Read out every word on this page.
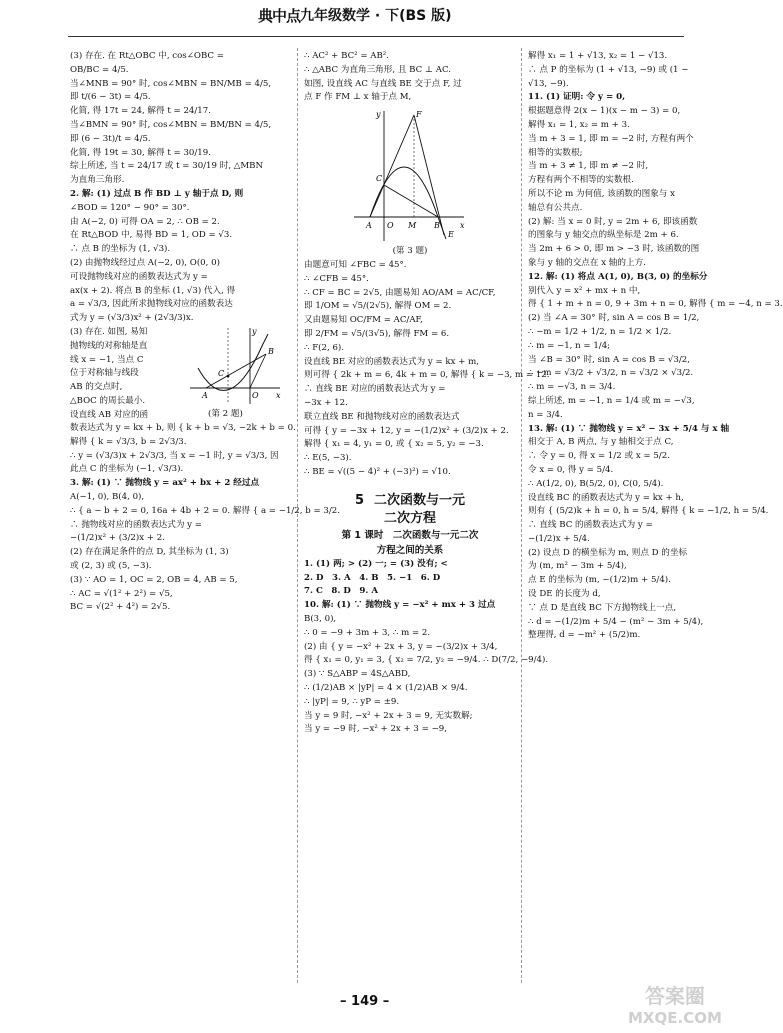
典中点 九年级数学 · 下(BS 版)

(3) 存在. 在 Rt△OBC 中, cos∠OBC =

OB/BC = 4/5.

当∠MNB = 90° 时, cos∠MBN = BN/MB = 4/5,

即 t/(6 − 3t) = 4/5.

化简, 得 17t = 24, 解得 t = 24/17.

当∠BMN = 90° 时, cos∠MBN = BM/BN = 4/5,

即 (6 − 3t)/t = 4/5.

化简, 得 19t = 30, 解得 t = 30/19.

综上所述, 当 t = 24/17 或 t = 30/19 时, △MBN

为直角三角形.

2. 解: (1) 过点 B 作 BD ⊥ y 轴于点 D, 则

∠BOD = 120° − 90° = 30°.

由 A(−2, 0) 可得 OA = 2, ∴ OB = 2.

在 Rt△BOD 中, 易得 BD = 1, OD = √3.

∴ 点 B 的坐标为 (1, √3).

(2) 由抛物线经过点 A(−2, 0), O(0, 0)

可设抛物线对应的函数表达式为 y =

ax(x + 2). 将点 B 的坐标 (1, √3) 代入, 得

a = √3/3, 因此所求抛物线对应的函数表达

式为 y = (√3/3)x² + (2√3/3)x.

(3) 存在. 如图, 易知

抛物线的对称轴是直

线 x = −1, 当点 C

位于对称轴与线段

AB 的交点时,

△BOC 的周长最小.

设直线 AB 对应的函

A
B
C
O x
y

(第 2 题)

数表达式为 y = kx + b, 则 { k + b = √3, −2k + b = 0.

解得 { k = √3/3, b = 2√3/3.

∴ y = (√3/3)x + 2√3/3, 当 x = −1 时, y = √3/3, 因

此点 C 的坐标为 (−1, √3/3).

3. 解: (1) ∵ 抛物线 y = ax² + bx + 2 经过点

A(−1, 0), B(4, 0),

∴ { a − b + 2 = 0, 16a + 4b + 2 = 0. 解得 { a = −1/2, b = 3/2.

∴ 抛物线对应的函数表达式为 y =

−(1/2)x² + (3/2)x + 2.

(2) 存在满足条件的点 D, 其坐标为 (1, 3)

或 (2, 3) 或 (5, −3).

(3) ∵ AO = 1, OC = 2, OB = 4, AB = 5,

∴ AC = √(1² + 2²) = √5,

BC = √(2² + 4²) = 2√5.

∴ AC² + BC² = AB².

∴ △ABC 为直角三角形, 且 BC ⊥ AC.

如图, 设直线 AC 与直线 BE 交于点 F, 过

点 F 作 FM ⊥ x 轴于点 M,

A
C
F
O M B
E
x
y

(第 3 题)

由题意可知 ∠FBC = 45°.

∴ ∠CFB = 45°.

∴ CF = BC = 2√5, 由题易知 AO/AM = AC/CF,

即 1/OM = √5/(2√5), 解得 OM = 2.

又由题易知 OC/FM = AC/AF,

即 2/FM = √5/(3√5), 解得 FM = 6.

∴ F(2, 6).

设直线 BE 对应的函数表达式为 y = kx + m,

则可得 { 2k + m = 6, 4k + m = 0, 解得 { k = −3, m = 12.

∴ 直线 BE 对应的函数表达式为 y =

−3x + 12.

联立直线 BE 和抛物线对应的函数表达式

可得 { y = −3x + 12, y = −(1/2)x² + (3/2)x + 2.

解得 { x₁ = 4, y₁ = 0, 或 { x₂ = 5, y₂ = −3.

∴ E(5, −3).

∴ BE = √((5 − 4)² + (−3)²) = √10.

5 二次函数与一元

二次方程

第 1 课时　二次函数与一元二次

方程之间的关系

1. (1) 两; > (2) 一; = (3) 没有; <

2. D　3. A　4. B　5. −1　6. D

7. C　8. D　9. A

10. 解: (1) ∵ 抛物线 y = −x² + mx + 3 过点

B(3, 0),

∴ 0 = −9 + 3m + 3, ∴ m = 2.

(2) 由 { y = −x² + 2x + 3, y = −(3/2)x + 3/4,

得 { x₁ = 0, y₁ = 3, { x₂ = 7/2, y₂ = −9/4. ∴ D(7/2, −9/4).

(3) ∵ S△ABP = 4S△ABD,

∴ (1/2)AB × |yP| = 4 × (1/2)AB × 9/4.

∴ |yP| = 9, ∴ yP = ±9.

当 y = 9 时, −x² + 2x + 3 = 9, 无实数解;

当 y = −9 时, −x² + 2x + 3 = −9,

解得 x₁ = 1 + √13, x₂ = 1 − √13.

∴ 点 P 的坐标为 (1 + √13, −9) 或 (1 −

√13, −9).

11. (1) 证明: 令 y = 0,

根据题意得 2(x − 1)(x − m − 3) = 0,

解得 x₁ = 1, x₂ = m + 3.

当 m + 3 = 1, 即 m = −2 时, 方程有两个

相等的实数根;

当 m + 3 ≠ 1, 即 m ≠ −2 时,

方程有两个不相等的实数根.

所以不论 m 为何值, 该函数的图象与 x

轴总有公共点.

(2) 解: 当 x = 0 时, y = 2m + 6, 即该函数

的图象与 y 轴交点的纵坐标是 2m + 6.

当 2m + 6 > 0, 即 m > −3 时, 该函数的图

象与 y 轴的交点在 x 轴的上方.

12. 解: (1) 将点 A(1, 0), B(3, 0) 的坐标分

别代入 y = x² + mx + n 中,

得 { 1 + m + n = 0, 9 + 3m + n = 0, 解得 { m = −4, n = 3.

(2) 当 ∠A = 30° 时, sin A = cos B = 1/2,

∴ −m = 1/2 + 1/2, n = 1/2 × 1/2.

∴ m = −1, n = 1/4;

当 ∠B = 30° 时, sin A = cos B = √3/2,

∴ −m = √3/2 + √3/2, n = √3/2 × √3/2.

∴ m = −√3, n = 3/4.

综上所述, m = −1, n = 1/4 或 m = −√3,

n = 3/4.

13. 解: (1) ∵ 抛物线 y = x² − 3x + 5/4 与 x 轴

相交于 A, B 两点, 与 y 轴相交于点 C,

∴ 令 y = 0, 得 x = 1/2 或 x = 5/2.

令 x = 0, 得 y = 5/4.

∴ A(1/2, 0), B(5/2, 0), C(0, 5/4).

设直线 BC 的函数表达式为 y = kx + h,

则有 { (5/2)k + h = 0, h = 5/4, 解得 { k = −1/2, h = 5/4.

∴ 直线 BC 的函数表达式为 y =

−(1/2)x + 5/4.

(2) 设点 D 的横坐标为 m, 则点 D 的坐标

为 (m, m² − 3m + 5/4),

点 E 的坐标为 (m, −(1/2)m + 5/4).

设 DE 的长度为 d,

∵ 点 D 是直线 BC 下方抛物线上一点,

∴ d = −(1/2)m + 5/4 − (m² − 3m + 5/4),

整理得, d = −m² + (5/2)m.

– 149 –	答案圈
MXQE.COM
